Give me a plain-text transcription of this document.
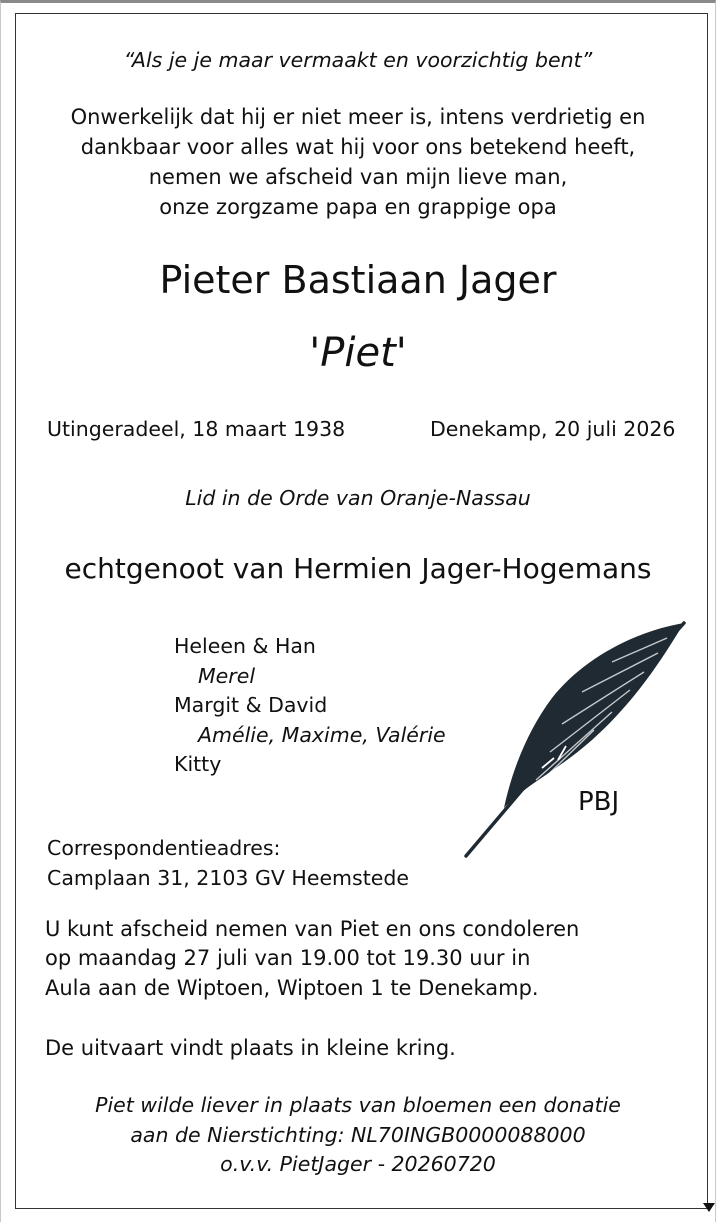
“Als je je maar vermaakt en voorzichtig bent”
Onwerkelijk dat hij er niet meer is, intens verdrietig en
dankbaar voor alles wat hij voor ons betekend heeft,
nemen we afscheid van mijn lieve man,
onze zorgzame papa en grappige opa
Pieter Bastiaan Jager
'Piet'
Utingeradeel, 18 maart 1938	Denekamp, 20 juli 2026
Lid in de Orde van Oranje-Nassau
echtgenoot van Hermien Jager-Hogemans
Heleen & Han
Merel
Margit & David
Amélie, Maxime, Valérie
Kitty
PBJ
Correspondentieadres:
Camplaan 31, 2103 GV Heemstede
U kunt afscheid nemen van Piet en ons condoleren
op maandag 27 juli van 19.00 tot 19.30 uur in
Aula aan de Wiptoen, Wiptoen 1 te Denekamp.
De uitvaart vindt plaats in kleine kring.
Piet wilde liever in plaats van bloemen een donatie
aan de Nierstichting: NL70INGB0000088000
o.v.v. PietJager - 20260720
